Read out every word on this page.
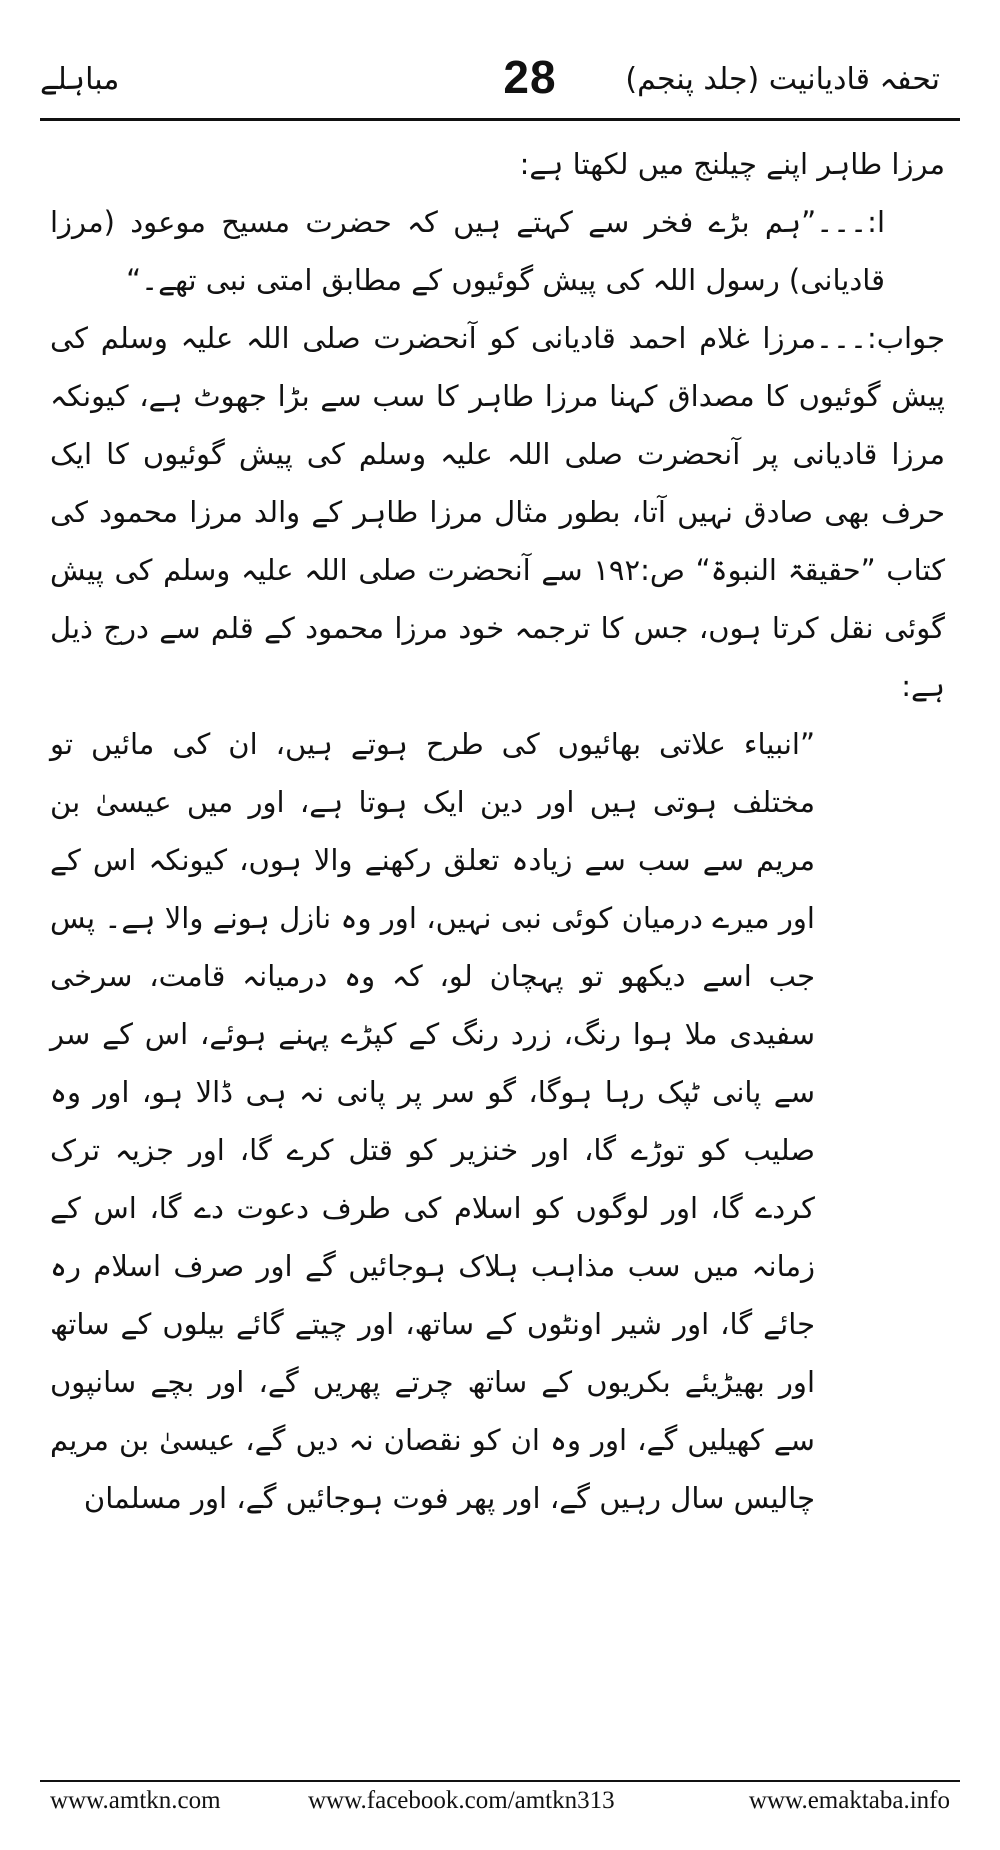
تحفہ قادیانیت (جلد پنجم)
28
مباہلے

مرزا طاہر اپنے چیلنج میں لکھتا ہے:

ا:۔۔۔”ہم بڑے فخر سے کہتے ہیں کہ حضرت مسیح موعود (مرزا قادیانی) رسول اللہ کی پیش گوئیوں کے مطابق امتی نبی تھے۔“

جواب:۔۔۔مرزا غلام احمد قادیانی کو آنحضرت صلی اللہ علیہ وسلم کی پیش گوئیوں کا مصداق کہنا مرزا طاہر کا سب سے بڑا جھوٹ ہے، کیونکہ مرزا قادیانی پر آنحضرت صلی اللہ علیہ وسلم کی پیش گوئیوں کا ایک حرف بھی صادق نہیں آتا، بطور مثال مرزا طاہر کے والد مرزا محمود کی کتاب ”حقیقۃ النبوۃ“ ص:۱۹۲ سے آنحضرت صلی اللہ علیہ وسلم کی پیش گوئی نقل کرتا ہوں، جس کا ترجمہ خود مرزا محمود کے قلم سے درج ذیل ہے:

”انبیاء علاتی بھائیوں کی طرح ہوتے ہیں، ان کی مائیں تو مختلف ہوتی ہیں اور دین ایک ہوتا ہے، اور میں عیسیٰ بن مریم سے سب سے زیادہ تعلق رکھنے والا ہوں، کیونکہ اس کے اور میرے درمیان کوئی نبی نہیں، اور وہ نازل ہونے والا ہے۔ پس جب اسے دیکھو تو پہچان لو، کہ وہ درمیانہ قامت، سرخی سفیدی ملا ہوا رنگ، زرد رنگ کے کپڑے پہنے ہوئے، اس کے سر سے پانی ٹپک رہا ہوگا، گو سر پر پانی نہ ہی ڈالا ہو، اور وہ صلیب کو توڑے گا، اور خنزیر کو قتل کرے گا، اور جزیہ ترک کردے گا، اور لوگوں کو اسلام کی طرف دعوت دے گا، اس کے زمانہ میں سب مذاہب ہلاک ہوجائیں گے اور صرف اسلام رہ جائے گا، اور شیر اونٹوں کے ساتھ، اور چیتے گائے بیلوں کے ساتھ اور بھیڑیئے بکریوں کے ساتھ چرتے پھریں گے، اور بچے سانپوں سے کھیلیں گے، اور وہ ان کو نقصان نہ دیں گے، عیسیٰ بن مریم چالیس سال رہیں گے، اور پھر فوت ہوجائیں گے، اور مسلمان

www.amtkn.com	www.facebook.com/amtkn313	www.emaktaba.info
